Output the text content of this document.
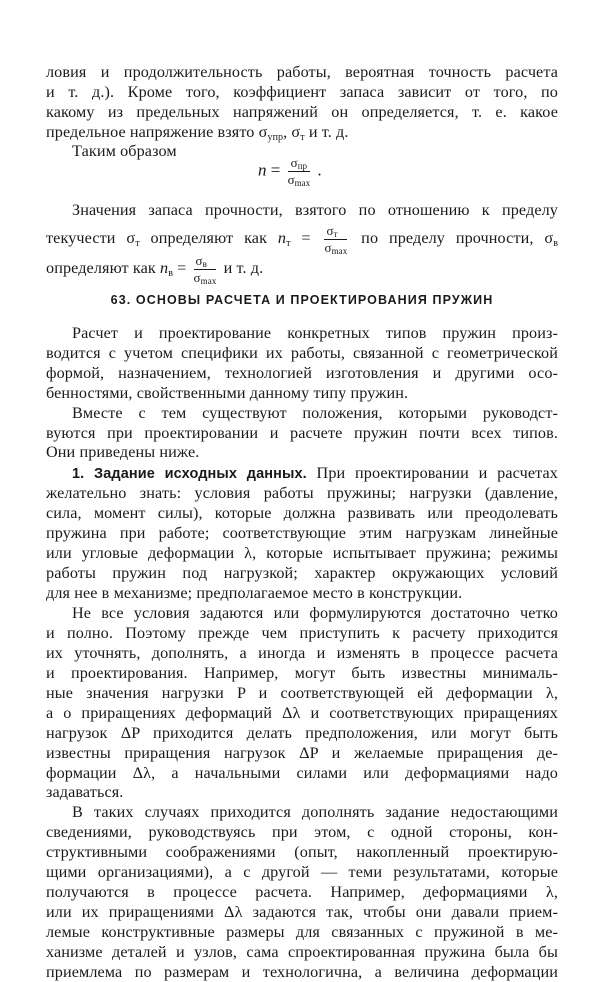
ловия и продолжительность работы, вероятная точность расчета
и т. д.). Кроме того, коэффициент запаса зависит от того, по
какому из предельных напряжений он определяется, т. е. какое
предельное напряжение взято $\sigma_{упр}$, $\sigma_т$ и т. д.
Таким образом
$n = \frac{\sigma_{пр}}{\sigma_{max}}$ .
Значения запаса прочности, взятого по отношению к пределу
текучести $\sigma_т$ определяют как $n_т = \frac{\sigma_т}{\sigma_{max}}$ по пределу прочности, $\sigma_в$
определяют как $n_в = \frac{\sigma_в}{\sigma_{max}}$ и т. д.
63. ОСНОВЫ РАСЧЕТА И ПРОЕКТИРОВАНИЯ ПРУЖИН
Расчет и проектирование конкретных типов пружин произ-
водится с учетом специфики их работы, связанной с геометрической
формой, назначением, технологией изготовления и другими осо-
бенностями, свойственными данному типу пружин.
Вместе с тем существуют положения, которыми руководст-
вуются при проектировании и расчете пружин почти всех типов.
Они приведены ниже.
1. Задание исходных данных. При проектировании и расчетах
желательно знать: условия работы пружины; нагрузки (давление,
сила, момент силы), которые должна развивать или преодолевать
пружина при работе; соответствующие этим нагрузкам линейные
или угловые деформации λ, которые испытывает пружина; режимы
работы пружин под нагрузкой; характер окружающих условий
для нее в механизме; предполагаемое место в конструкции.
Не все условия задаются или формулируются достаточно четко
и полно. Поэтому прежде чем приступить к расчету приходится
их уточнять, дополнять, а иногда и изменять в процессе расчета
и проектирования. Например, могут быть известны минималь-
ные значения нагрузки P и соответствующей ей деформации λ,
а о приращениях деформаций Δλ и соответствующих приращениях
нагрузок ΔP приходится делать предположения, или могут быть
известны приращения нагрузок ΔP и желаемые приращения де-
формации Δλ, а начальными силами или деформациями надо
задаваться.
В таких случаях приходится дополнять задание недостающими
сведениями, руководствуясь при этом, с одной стороны, кон-
структивными соображениями (опыт, накопленный проектирую-
щими организациями), а с другой — теми результатами, которые
получаются в процессе расчета. Например, деформациями λ,
или их приращениями Δλ задаются так, чтобы они давали прием-
лемые конструктивные размеры для связанных с пружиной в ме-
ханизме деталей и узлов, сама спроектированная пружина была бы
приемлема по размерам и технологична, а величина деформации
